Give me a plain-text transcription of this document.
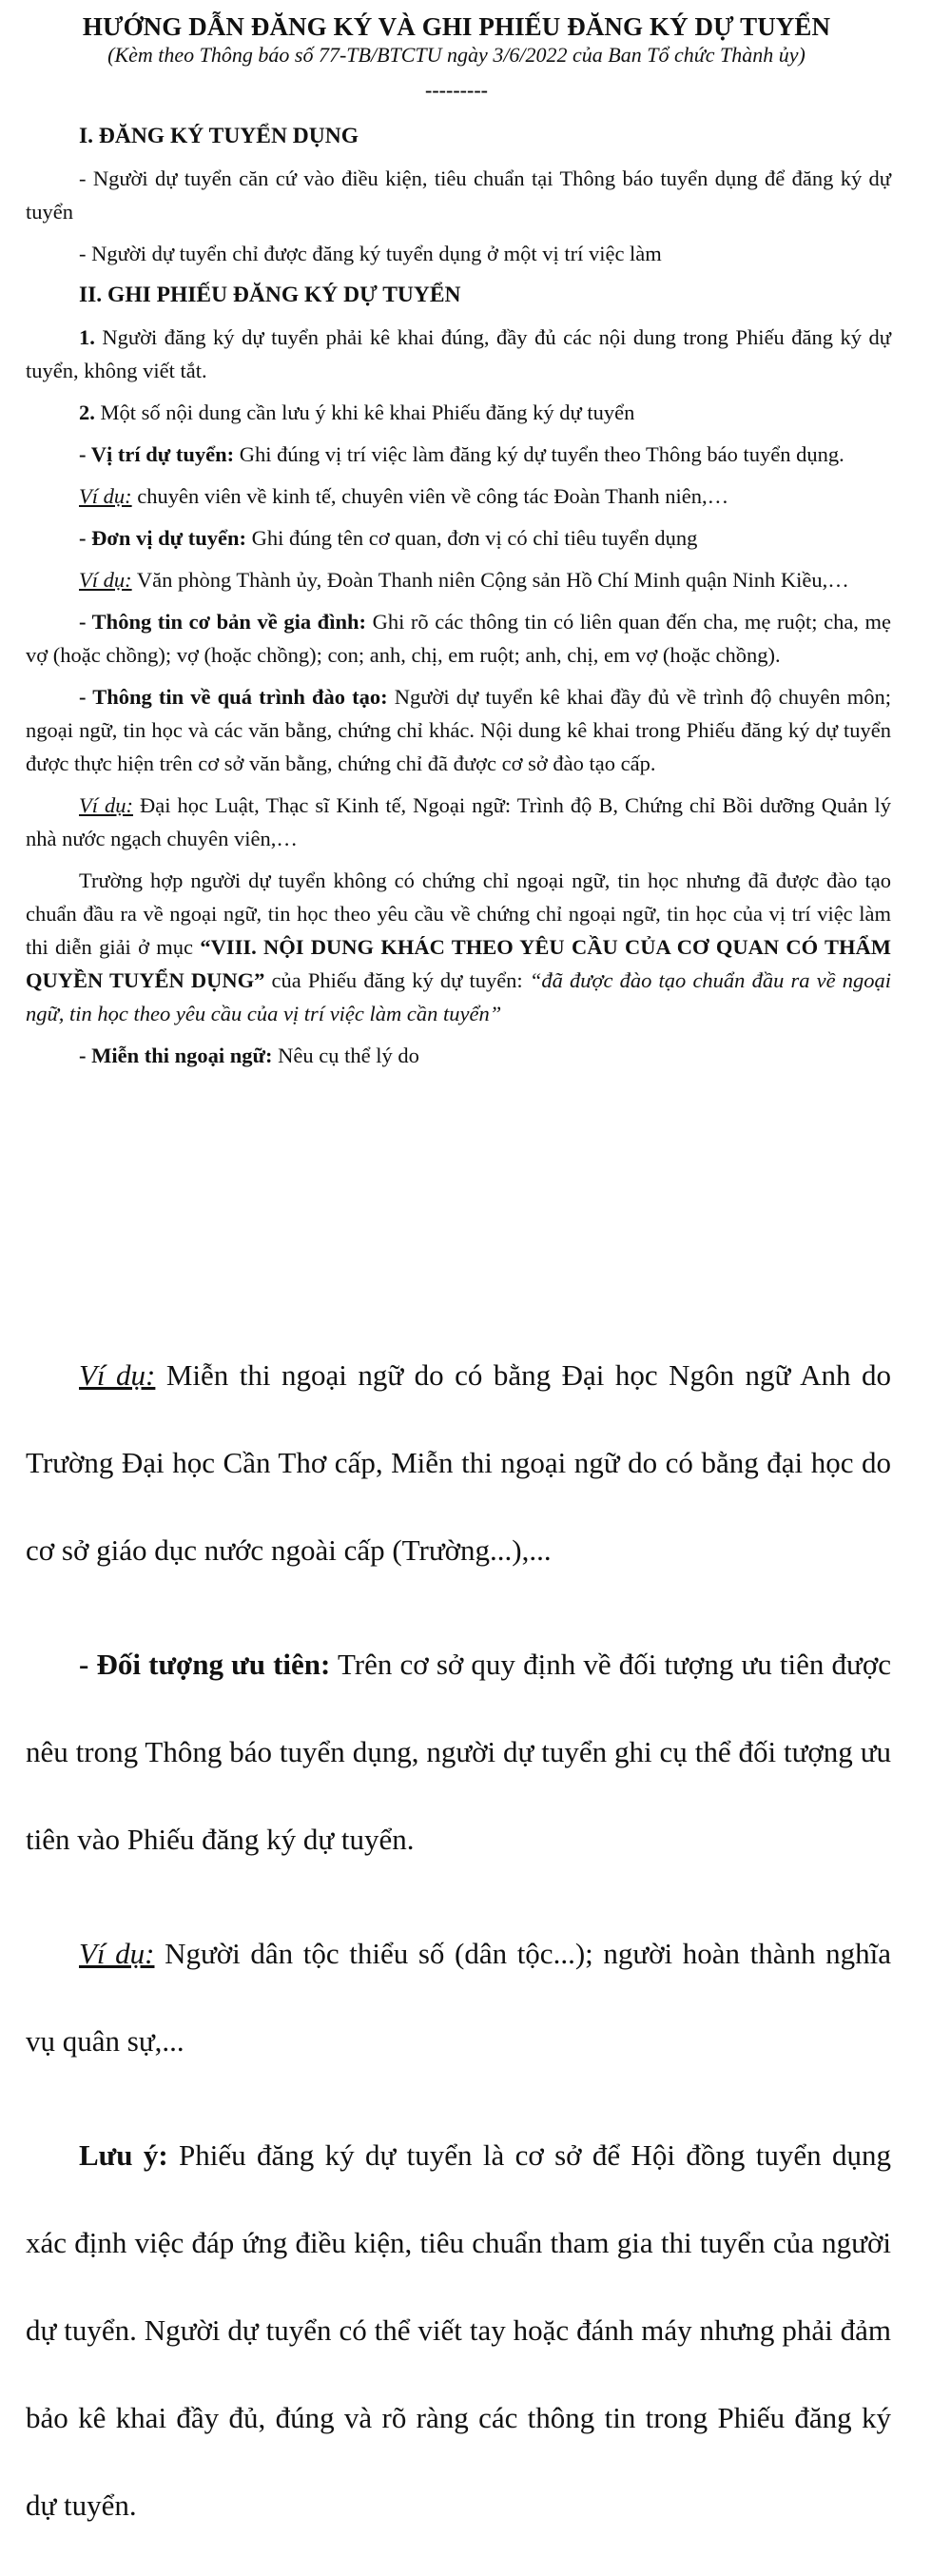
HƯỚNG DẪN ĐĂNG KÝ VÀ GHI PHIẾU ĐĂNG KÝ DỰ TUYỂN
(Kèm theo Thông báo số 77-TB/BTCTU ngày 3/6/2022 của Ban Tổ chức Thành ủy)
---------

I. ĐĂNG KÝ TUYỂN DỤNG

- Người dự tuyển căn cứ vào điều kiện, tiêu chuẩn tại Thông báo tuyển dụng để đăng ký dự tuyển

- Người dự tuyển chỉ được đăng ký tuyển dụng ở một vị trí việc làm

II. GHI PHIẾU ĐĂNG KÝ DỰ TUYỂN

1. Người đăng ký dự tuyển phải kê khai đúng, đầy đủ các nội dung trong Phiếu đăng ký dự tuyển, không viết tắt.

2. Một số nội dung cần lưu ý khi kê khai Phiếu đăng ký dự tuyển

- Vị trí dự tuyển: Ghi đúng vị trí việc làm đăng ký dự tuyển theo Thông báo tuyển dụng.

Ví dụ: chuyên viên về kinh tế, chuyên viên về công tác Đoàn Thanh niên,…

- Đơn vị dự tuyển: Ghi đúng tên cơ quan, đơn vị có chỉ tiêu tuyển dụng

Ví dụ: Văn phòng Thành ủy, Đoàn Thanh niên Cộng sản Hồ Chí Minh quận Ninh Kiều,…

- Thông tin cơ bản về gia đình: Ghi rõ các thông tin có liên quan đến cha, mẹ ruột; cha, mẹ vợ (hoặc chồng); vợ (hoặc chồng); con; anh, chị, em ruột; anh, chị, em vợ (hoặc chồng).

- Thông tin về quá trình đào tạo: Người dự tuyển kê khai đầy đủ về trình độ chuyên môn; ngoại ngữ, tin học và các văn bằng, chứng chỉ khác. Nội dung kê khai trong Phiếu đăng ký dự tuyển được thực hiện trên cơ sở văn bằng, chứng chỉ đã được cơ sở đào tạo cấp.

Ví dụ: Đại học Luật, Thạc sĩ Kinh tế, Ngoại ngữ: Trình độ B, Chứng chỉ Bồi dưỡng Quản lý nhà nước ngạch chuyên viên,…

Trường hợp người dự tuyển không có chứng chỉ ngoại ngữ, tin học nhưng đã được đào tạo chuẩn đầu ra về ngoại ngữ, tin học theo yêu cầu về chứng chỉ ngoại ngữ, tin học của vị trí việc làm thi diễn giải ở mục “VIII. NỘI DUNG KHÁC THEO YÊU CẦU CỦA CƠ QUAN CÓ THẨM QUYỀN TUYỂN DỤNG” của Phiếu đăng ký dự tuyển: “đã được đào tạo chuẩn đầu ra về ngoại ngữ, tin học theo yêu cầu của vị trí việc làm cần tuyển”

- Miễn thi ngoại ngữ: Nêu cụ thể lý do

Ví dụ: Miễn thi ngoại ngữ do có bằng Đại học Ngôn ngữ Anh do Trường Đại học Cần Thơ cấp, Miễn thi ngoại ngữ do có bằng đại học do cơ sở giáo dục nước ngoài cấp (Trường...),...

- Đối tượng ưu tiên: Trên cơ sở quy định về đối tượng ưu tiên được nêu trong Thông báo tuyển dụng, người dự tuyển ghi cụ thể đối tượng ưu tiên vào Phiếu đăng ký dự tuyển.

Ví dụ: Người dân tộc thiểu số (dân tộc...); người hoàn thành nghĩa vụ quân sự,...

Lưu ý: Phiếu đăng ký dự tuyển là cơ sở để Hội đồng tuyển dụng xác định việc đáp ứng điều kiện, tiêu chuẩn tham gia thi tuyển của người dự tuyển. Người dự tuyển có thể viết tay hoặc đánh máy nhưng phải đảm bảo kê khai đầy đủ, đúng và rõ ràng các thông tin trong Phiếu đăng ký dự tuyển.
